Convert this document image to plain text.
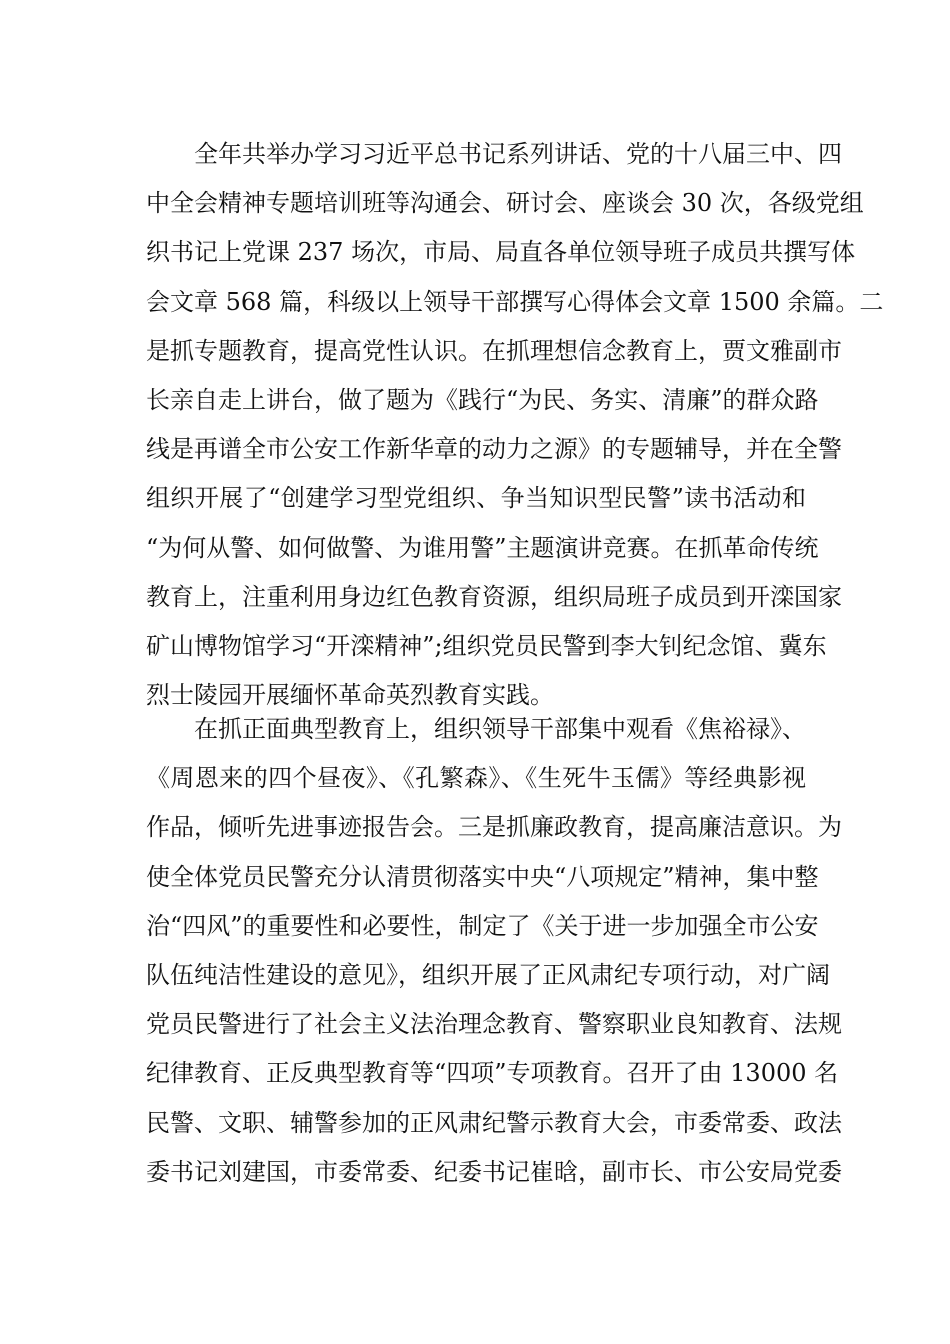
全年共举办学习习近平总书记系列讲话、党的十八届三中、四
中全会精神专题培训班等沟通会、研讨会、座谈会 30 次，各级党组
织书记上党课 237 场次，市局、局直各单位领导班子成员共撰写体
会文章 568 篇，科级以上领导干部撰写心得体会文章 1500 余篇。二
是抓专题教育，提高党性认识。在抓理想信念教育上，贾文雅副市
长亲自走上讲台，做了题为《践行“为民、务实、清廉”的群众路
线是再谱全市公安工作新华章的动力之源》的专题辅导，并在全警
组织开展了“创建学习型党组织、争当知识型民警”读书活动和
“为何从警、如何做警、为谁用警”主题演讲竞赛。在抓革命传统
教育上，注重利用身边红色教育资源，组织局班子成员到开滦国家
矿山博物馆学习“开滦精神”;组织党员民警到李大钊纪念馆、冀东
烈士陵园开展缅怀革命英烈教育实践。
在抓正面典型教育上，组织领导干部集中观看《焦裕禄》、
《周恩来的四个昼夜》、《孔繁森》、《生死牛玉儒》等经典影视
作品，倾听先进事迹报告会。三是抓廉政教育，提高廉洁意识。为
使全体党员民警充分认清贯彻落实中央“八项规定”精神，集中整
治“四风”的重要性和必要性，制定了《关于进一步加强全市公安
队伍纯洁性建设的意见》，组织开展了正风肃纪专项行动，对广阔
党员民警进行了社会主义法治理念教育、警察职业良知教育、法规
纪律教育、正反典型教育等“四项”专项教育。召开了由 13000 名
民警、文职、辅警参加的正风肃纪警示教育大会，市委常委、政法
委书记刘建国，市委常委、纪委书记崔晗，副市长、市公安局党委
